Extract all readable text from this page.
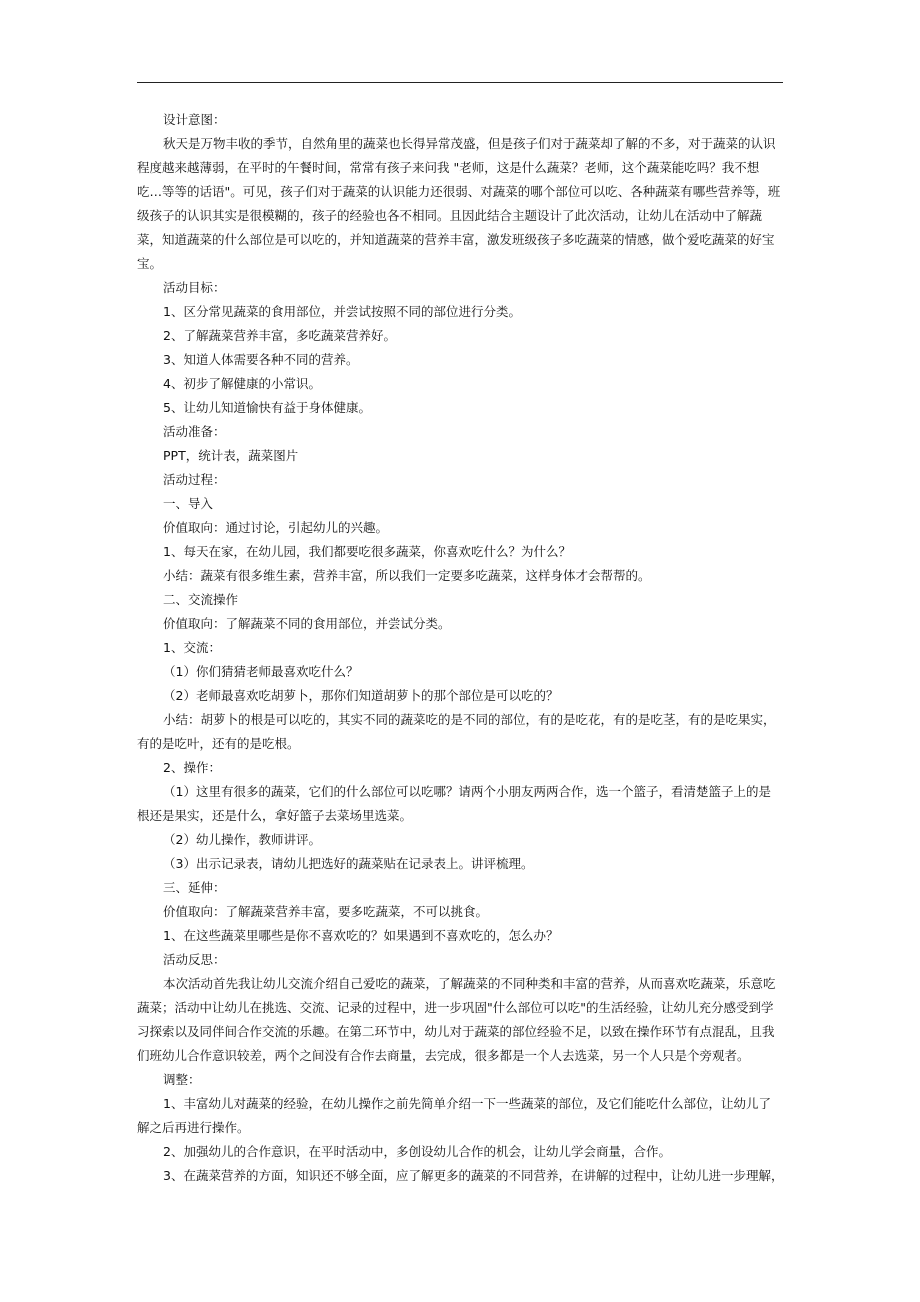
设计意图：
秋天是万物丰收的季节，自然角里的蔬菜也长得异常茂盛，但是孩子们对于蔬菜却了解的不多，对于蔬菜的认识程度越来越薄弱，在平时的午餐时间，常常有孩子来问我 "老师，这是什么蔬菜？老师，这个蔬菜能吃吗？我不想吃…等等的话语"。可见，孩子们对于蔬菜的认识能力还很弱、对蔬菜的哪个部位可以吃、各种蔬菜有哪些营养等，班级孩子的认识其实是很模糊的，孩子的经验也各不相同。且因此结合主题设计了此次活动，让幼儿在活动中了解蔬菜，知道蔬菜的什么部位是可以吃的，并知道蔬菜的营养丰富，激发班级孩子多吃蔬菜的情感，做个爱吃蔬菜的好宝宝。
活动目标：
1、区分常见蔬菜的食用部位，并尝试按照不同的部位进行分类。
2、了解蔬菜营养丰富，多吃蔬菜营养好。
3、知道人体需要各种不同的营养。
4、初步了解健康的小常识。
5、让幼儿知道愉快有益于身体健康。
活动准备：
PPT，统计表，蔬菜图片
活动过程：
一、导入
价值取向：通过讨论，引起幼儿的兴趣。
1、每天在家，在幼儿园，我们都要吃很多蔬菜，你喜欢吃什么？为什么？
小结：蔬菜有很多维生素，营养丰富，所以我们一定要多吃蔬菜，这样身体才会帮帮的。
二、交流操作
价值取向：了解蔬菜不同的食用部位，并尝试分类。
1、交流：
（1）你们猜猜老师最喜欢吃什么？
（2）老师最喜欢吃胡萝卜，那你们知道胡萝卜的那个部位是可以吃的？
小结：胡萝卜的根是可以吃的，其实不同的蔬菜吃的是不同的部位，有的是吃花，有的是吃茎，有的是吃果实，有的是吃叶，还有的是吃根。
2、操作：
（1）这里有很多的蔬菜，它们的什么部位可以吃哪？请两个小朋友两两合作，选一个篮子，看清楚篮子上的是根还是果实，还是什么，拿好篮子去菜场里选菜。
（2）幼儿操作，教师讲评。
（3）出示记录表，请幼儿把选好的蔬菜贴在记录表上。讲评梳理。
三、延伸：
价值取向：了解蔬菜营养丰富，要多吃蔬菜，不可以挑食。
1、在这些蔬菜里哪些是你不喜欢吃的？如果遇到不喜欢吃的，怎么办？
活动反思：
本次活动首先我让幼儿交流介绍自己爱吃的蔬菜，了解蔬菜的不同种类和丰富的营养，从而喜欢吃蔬菜，乐意吃蔬菜；活动中让幼儿在挑选、交流、记录的过程中，进一步巩固"什么部位可以吃"的生活经验，让幼儿充分感受到学习探索以及同伴间合作交流的乐趣。在第二环节中，幼儿对于蔬菜的部位经验不足，以致在操作环节有点混乱，且我们班幼儿合作意识较差，两个之间没有合作去商量，去完成，很多都是一个人去选菜，另一个人只是个旁观者。
调整：
1、丰富幼儿对蔬菜的经验，在幼儿操作之前先简单介绍一下一些蔬菜的部位，及它们能吃什么部位，让幼儿了解之后再进行操作。
2、加强幼儿的合作意识，在平时活动中，多创设幼儿合作的机会，让幼儿学会商量，合作。
3、在蔬菜营养的方面，知识还不够全面，应了解更多的蔬菜的不同营养，在讲解的过程中，让幼儿进一步理解，
